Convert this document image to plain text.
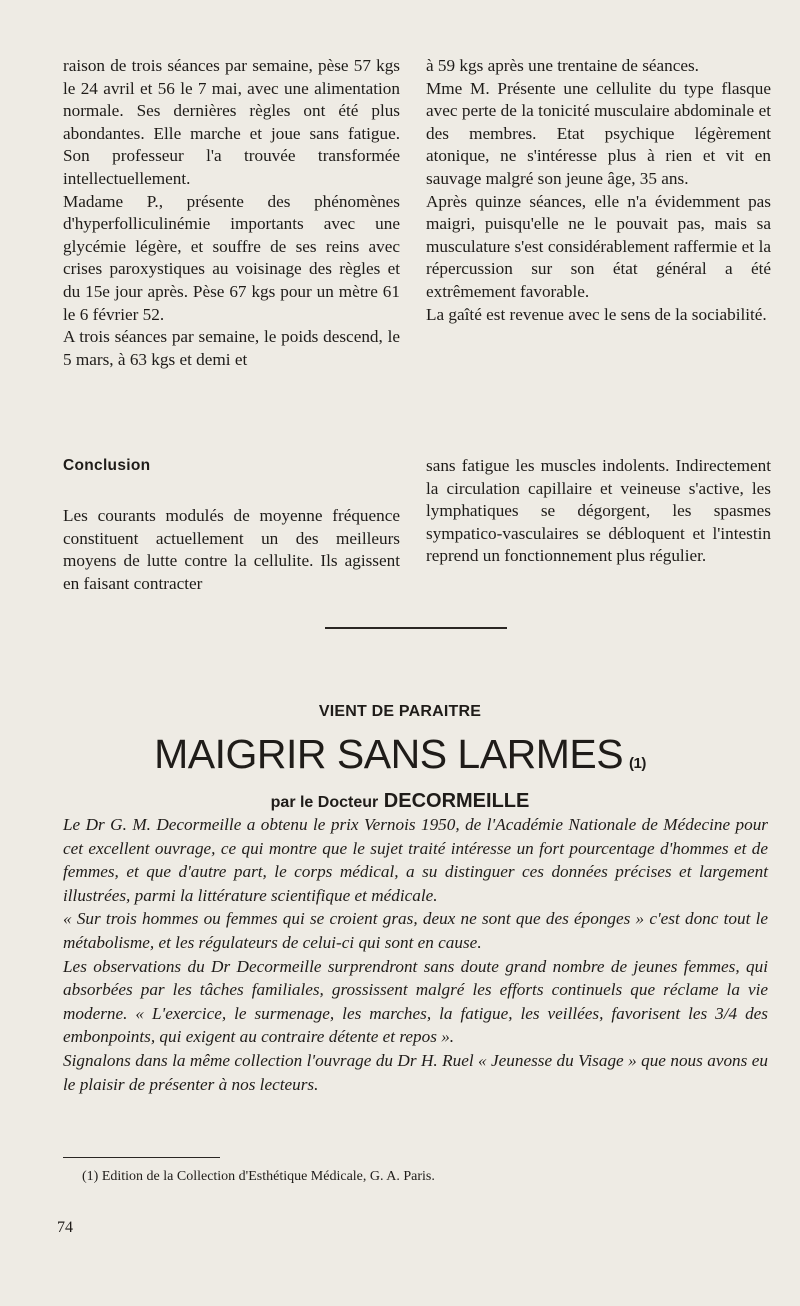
raison de trois séances par semaine, pèse 57 kgs le 24 avril et 56 le 7 mai, avec une alimentation normale. Ses dernières règles ont été plus abondantes. Elle marche et joue sans fatigue. Son professeur l'a trouvée transformée intellectuellement.

Madame P., présente des phénomènes d'hyperfolliculinémie importants avec une glycémie légère, et souffre de ses reins avec crises paroxystiques au voisinage des règles et du 15e jour après. Pèse 67 kgs pour un mètre 61 le 6 février 52.

A trois séances par semaine, le poids descend, le 5 mars, à 63 kgs et demi et

à 59 kgs après une trentaine de séances.

Mme M. Présente une cellulite du type flasque avec perte de la tonicité musculaire abdominale et des membres. Etat psychique légèrement atonique, ne s'intéresse plus à rien et vit en sauvage malgré son jeune âge, 35 ans.

Après quinze séances, elle n'a évidemment pas maigri, puisqu'elle ne le pouvait pas, mais sa musculature s'est considérablement raffermie et la répercussion sur son état général a été extrêmement favorable.

La gaîté est revenue avec le sens de la sociabilité.

Conclusion

Les courants modulés de moyenne fréquence constituent actuellement un des meilleurs moyens de lutte contre la cellulite. Ils agissent en faisant contracter

sans fatigue les muscles indolents. Indirectement la circulation capillaire et veineuse s'active, les lymphatiques se dégorgent, les spasmes sympatico-vasculaires se débloquent et l'intestin reprend un fonctionnement plus régulier.

VIENT DE PARAITRE
MAIGRIR SANS LARMES (1)
par le Docteur DECORMEILLE

Le Dr G. M. Decormeille a obtenu le prix Vernois 1950, de l'Académie Nationale de Médecine pour cet excellent ouvrage, ce qui montre que le sujet traité intéresse un fort pourcentage d'hommes et de femmes, et que d'autre part, le corps médical, a su distinguer ces données précises et largement illustrées, parmi la littérature scientifique et médicale.

« Sur trois hommes ou femmes qui se croient gras, deux ne sont que des éponges » c'est donc tout le métabolisme, et les régulateurs de celui-ci qui sont en cause.

Les observations du Dr Decormeille surprendront sans doute grand nombre de jeunes femmes, qui absorbées par les tâches familiales, grossissent malgré les efforts continuels que réclame la vie moderne. « L'exercice, le surmenage, les marches, la fatigue, les veillées, favorisent les 3/4 des embonpoints, qui exigent au contraire détente et repos ».

Signalons dans la même collection l'ouvrage du Dr H. Ruel « Jeunesse du Visage » que nous avons eu le plaisir de présenter à nos lecteurs.

(1) Edition de la Collection d'Esthétique Médicale, G. A. Paris.
74
